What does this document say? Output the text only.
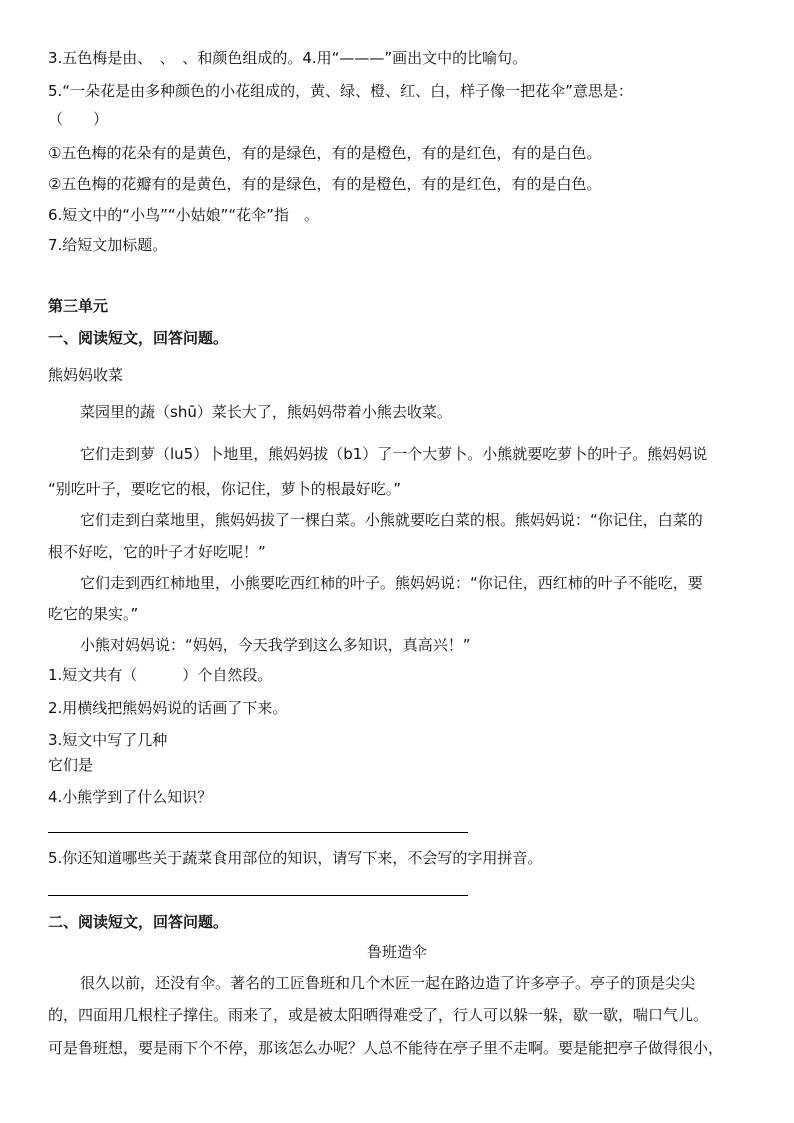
3.五色梅是由、　、　、和颜色组成的。4.用“———”画出文中的比喻句。
5.“一朵花是由多种颜色的小花组成的，黄、绿、橙、红、白，样子像一把花伞”意思是：
（　　）
①五色梅的花朵有的是黄色，有的是绿色，有的是橙色，有的是红色，有的是白色。
②五色梅的花瓣有的是黄色，有的是绿色，有的是橙色，有的是红色，有的是白色。
6.短文中的“小鸟”“小姑娘”“花伞”指　。
7.给短文加标题。
第三单元
一、阅读短文，回答问题。
熊妈妈收菜
菜园里的蔬（shū）菜长大了，熊妈妈带着小熊去收菜。
它们走到萝（lu5）卜地里，熊妈妈拔（b1）了一个大萝卜。小熊就要吃萝卜的叶子。熊妈妈说
“别吃叶子，要吃它的根，你记住，萝卜的根最好吃。”
它们走到白菜地里，熊妈妈拔了一棵白菜。小熊就要吃白菜的根。熊妈妈说：“你记住，白菜的
根不好吃，它的叶子才好吃呢！”
它们走到西红柿地里，小熊要吃西红柿的叶子。熊妈妈说：“你记住，西红柿的叶子不能吃，要
吃它的果实。”
小熊对妈妈说：“妈妈，今天我学到这么多知识，真高兴！”
1.短文共有（　　　）个自然段。
2.用横线把熊妈妈说的话画了下来。
3.短文中写了几种
它们是
4.小熊学到了什么知识？
5.你还知道哪些关于蔬菜食用部位的知识，请写下来，不会写的字用拼音。
二、阅读短文，回答问题。
鲁班造伞
很久以前，还没有伞。著名的工匠鲁班和几个木匠一起在路边造了许多亭子。亭子的顶是尖尖
的，四面用几根柱子撑住。雨来了，或是被太阳晒得难受了，行人可以躲一躲，歇一歇，喘口气儿。
可是鲁班想，要是雨下个不停，那该怎么办呢？人总不能待在亭子里不走啊。要是能把亭子做得很小，
